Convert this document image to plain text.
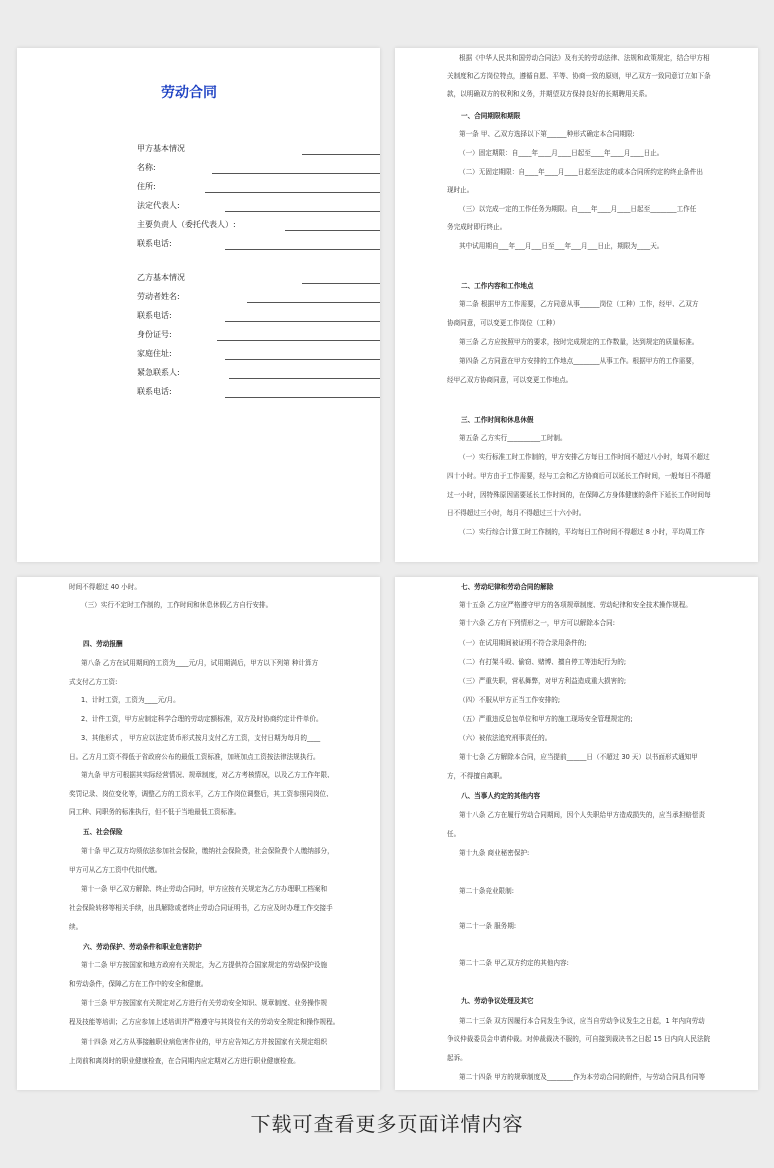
劳动合同
甲方基本情况
名称:
住所:
法定代表人:
主要负责人（委托代表人）:
联系电话:
乙方基本情况
劳动者姓名:
联系电话:
身份证号:
家庭住址:
紧急联系人:
联系电话:
根据《中华人民共和国劳动合同法》及有关的劳动法律、法规和政策规定，结合甲方相
关制度和乙方岗位特点，遵循自愿、平等、协商一致的原则，甲乙双方一致同意订立如下条
款，以明确双方的权利和义务，并期望双方保持良好的长期聘用关系。
一、合同期限和期限
第一条 甲、乙双方选择以下第______种形式确定本合同期限:
（一）固定期限：自____年____月____日起至____年____月____日止。
（二）无固定期限：自____年____月____日起至法定的或本合同所约定的终止条件出
现时止。
（三）以完成一定的工作任务为期限。自____年____月____日起至________工作任
务完成时即行终止。
其中试用期自___年___月___日至___年___月___日止，期限为____天。
二、工作内容和工作地点
第二条 根据甲方工作需要，乙方同意从事______岗位（工种）工作，经甲、乙双方
协商同意，可以变更工作岗位（工种）
第三条 乙方应按照甲方的要求，按时完成规定的工作数量，达到规定的质量标准。
第四条 乙方同意在甲方安排的工作地点________从事工作。根据甲方的工作需要，
经甲乙双方协商同意，可以变更工作地点。
三、工作时间和休息休假
第五条 乙方实行__________工时制。
（一）实行标准工时工作制的，甲方安排乙方每日工作时间不超过八小时，每周不超过
四十小时。甲方由于工作需要，经与工会和乙方协商后可以延长工作时间，一般每日不得超
过一小时，因特殊原因需要延长工作时间的，在保障乙方身体健康的条件下延长工作时间每
日不得超过三小时，每月不得超过三十六小时。
（二）实行综合计算工时工作制的，平均每日工作时间不得超过 8 小时，平均周工作
时间不得超过 40 小时。
（三）实行不定时工作制的，工作时间和休息休假乙方自行安排。
四、劳动报酬
第八条 乙方在试用期间的工资为____元/月，试用期满后，甲方以下列第 种计算方
式支付乙方工资:
1、计时工资，工资为____元/月。
2、计件工资，甲方应制定科学合理的劳动定额标准，双方及时协商约定计件单价。
3、其他形式 ， 甲方应以法定货币形式按月支付乙方工资，支付日期为每月的____
日。乙方月工资不得低于省政府公布的最低工资标准，加班加点工资按法律法规执行。
第九条 甲方可根据其实际经营情况、规章制度，对乙方考核情况，以及乙方工作年限、
奖罚记录、岗位变化等，调整乙方的工资水平，乙方工作岗位调整后，其工资参照同岗位、
同工种、同职务的标准执行，但不低于当地最低工资标准。
五、社会保险
第十条 甲乙双方均须依法参加社会保险，缴纳社会保险费，社会保险费个人缴纳部分，
甲方可从乙方工资中代扣代缴。
第十一条 甲乙双方解除、终止劳动合同时，甲方应按有关规定为乙方办理职工档案和
社会保险转移等相关手续，出具解除或者终止劳动合同证明书，乙方应及时办理工作交接手
续。
六、劳动保护、劳动条件和职业危害防护
第十二条 甲方按国家和地方政府有关规定，为乙方提供符合国家规定的劳动保护设施
和劳动条件，保障乙方在工作中的安全和健康。
第十三条 甲方按国家有关规定对乙方进行有关劳动安全知识、规章制度、业务操作规
程及技能等培训；乙方应参加上述培训并严格遵守与其岗位有关的劳动安全规定和操作规程。
第十四条 对乙方从事接触职业病危害作业的，甲方应告知乙方并按国家有关规定组织
上岗前和离岗时的职业健康检查，在合同期内应定期对乙方进行职业健康检查。
七、劳动纪律和劳动合同的解除
第十五条 乙方应严格遵守甲方的各项规章制度、劳动纪律和安全技术操作规程。
第十六条 乙方有下列情形之一，甲方可以解除本合同:
（一）在试用期间被证明不符合录用条件的;
（二）有打架斗殴、偷窃、赌博、擅自停工等违纪行为的;
（三）严重失职，营私舞弊，对甲方利益造成重大损害的;
（四）不服从甲方正当工作安排的;
（五）严重违反总包单位和甲方的施工现场安全管理规定的;
（六）被依法追究刑事责任的。
第十七条 乙方解除本合同，应当提前______日（不超过 30 天）以书面形式通知甲
方，不得擅自离职。
八、当事人约定的其他内容
第十八条 乙方在履行劳动合同期间，因个人失职给甲方造成损失的，应当承担赔偿责
任。
第十九条 商业秘密保护:
第二十条竞业限制:
第二十一条 服务期:
第二十二条 甲乙双方约定的其他内容:
九、劳动争议处理及其它
第二十三条 双方因履行本合同发生争议，应当自劳动争议发生之日起，1 年内向劳动
争议仲裁委员会申请仲裁。对仲裁裁决不服的，可自接到裁决书之日起 15 日内向人民法院
起诉。
第二十四条 甲方的规章制度及________作为本劳动合同的附件，与劳动合同具有同等
下载可查看更多页面详情内容
